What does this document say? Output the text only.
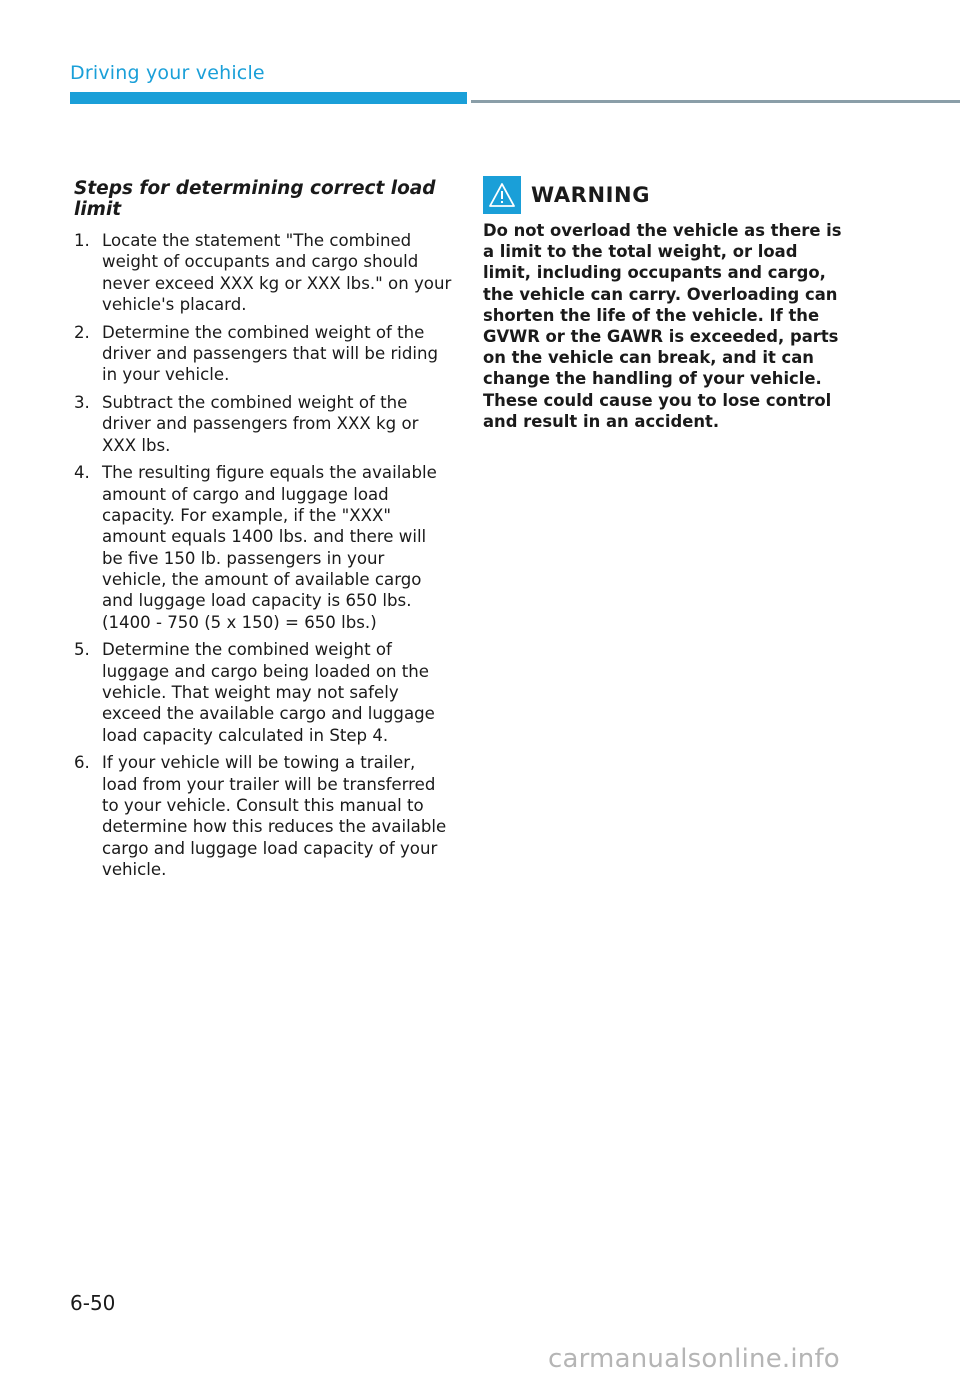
Driving your vehicle
Steps for determining correct load limit
1. Locate the statement "The combined weight of occupants and cargo should never exceed XXX kg or XXX lbs." on your vehicle's placard.
2. Determine the combined weight of the driver and passengers that will be riding in your vehicle.
3. Subtract the combined weight of the driver and passengers from XXX kg or XXX lbs.
4. The resulting figure equals the available amount of cargo and luggage load capacity. For example, if the "XXX" amount equals 1400 lbs. and there will be five 150 lb. passengers in your vehicle, the amount of available cargo and luggage load capacity is 650 lbs. (1400 - 750 (5 x 150) = 650 lbs.)
5. Determine the combined weight of luggage and cargo being loaded on the vehicle. That weight may not safely exceed the available cargo and luggage load capacity calculated in Step 4.
6. If your vehicle will be towing a trailer, load from your trailer will be transferred to your vehicle. Consult this manual to determine how this reduces the available cargo and luggage load capacity of your vehicle.
WARNING

Do not overload the vehicle as there is a limit to the total weight, or load limit, including occupants and cargo, the vehicle can carry. Overloading can shorten the life of the vehicle. If the GVWR or the GAWR is exceeded, parts on the vehicle can break, and it can change the handling of your vehicle. These could cause you to lose control and result in an accident.

6-50
carmanualsonline.info
